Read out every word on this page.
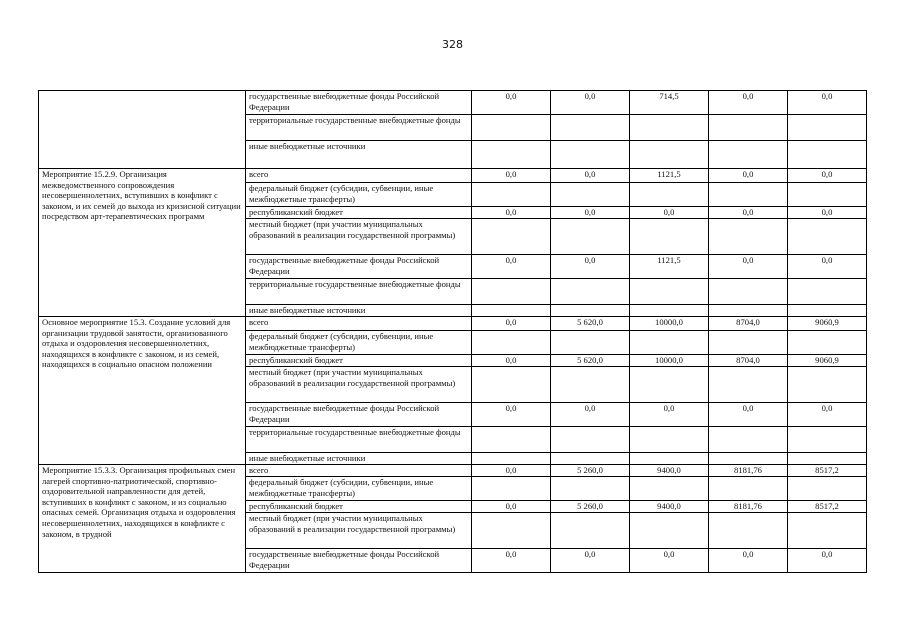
328
	государственные внебюджетные фонды Российской Федерации	0,0	0,0	714,5	0,0	0,0
	территориальные государственные внебюджетные фонды					
	иные внебюджетные источники					
Мероприятие 15.2.9. Организация межведомственного сопровождения несовершеннолетних, вступивших в конфликт с законом, и их семей до выхода из кризисной ситуации посредством арт-терапевтических программ	всего	0,0	0,0	1121,5	0,0	0,0
	федеральный бюджет (субсидии, субвенции, иные межбюджетные трансферты)					
	республиканский бюджет	0,0	0,0	0,0	0,0	0,0
	местный бюджет (при участии муниципальных образований в реализации государственной программы)					
	государственные внебюджетные фонды Российской Федерации	0,0	0,0	1121,5	0,0	0,0
	территориальные государственные внебюджетные фонды					
	иные внебюджетные источники					
Основное мероприятие 15.3. Создание условий для организации трудовой занятости, организованного отдыха и оздоровления несовершеннолетних, находящихся в конфликте с законом, и из семей, находящихся в социально опасном положении	всего	0,0	5 620,0	10000,0	8704,0	9060,9
	федеральный бюджет (субсидии, субвенции, иные межбюджетные трансферты)					
	республиканский бюджет	0,0	5 620,0	10000,0	8704,0	9060,9
	местный бюджет (при участии муниципальных образований в реализации государственной программы)					
	государственные внебюджетные фонды Российской Федерации	0,0	0,0	0,0	0,0	0,0
	территориальные государственные внебюджетные фонды					
	иные внебюджетные источники					
Мероприятие 15.3.3. Организация профильных смен лагерей спортивно-патриотической, спортивно-оздоровительной направленности для детей, вступивших в конфликт с законом, и из социально опасных семей. Организация отдыха и оздоровления несовершеннолетних, находящихся в конфликте с законом, в трудной	всего	0,0	5 260,0	9400,0	8181,76	8517,2
	федеральный бюджет (субсидии, субвенции, иные межбюджетные трансферты)					
	республиканский бюджет	0,0	5 260,0	9400,0	8181,76	8517,2
	местный бюджет (при участии муниципальных образований в реализации государственной программы)					
	государственные внебюджетные фонды Российской Федерации	0,0	0,0	0,0	0,0	0,0
